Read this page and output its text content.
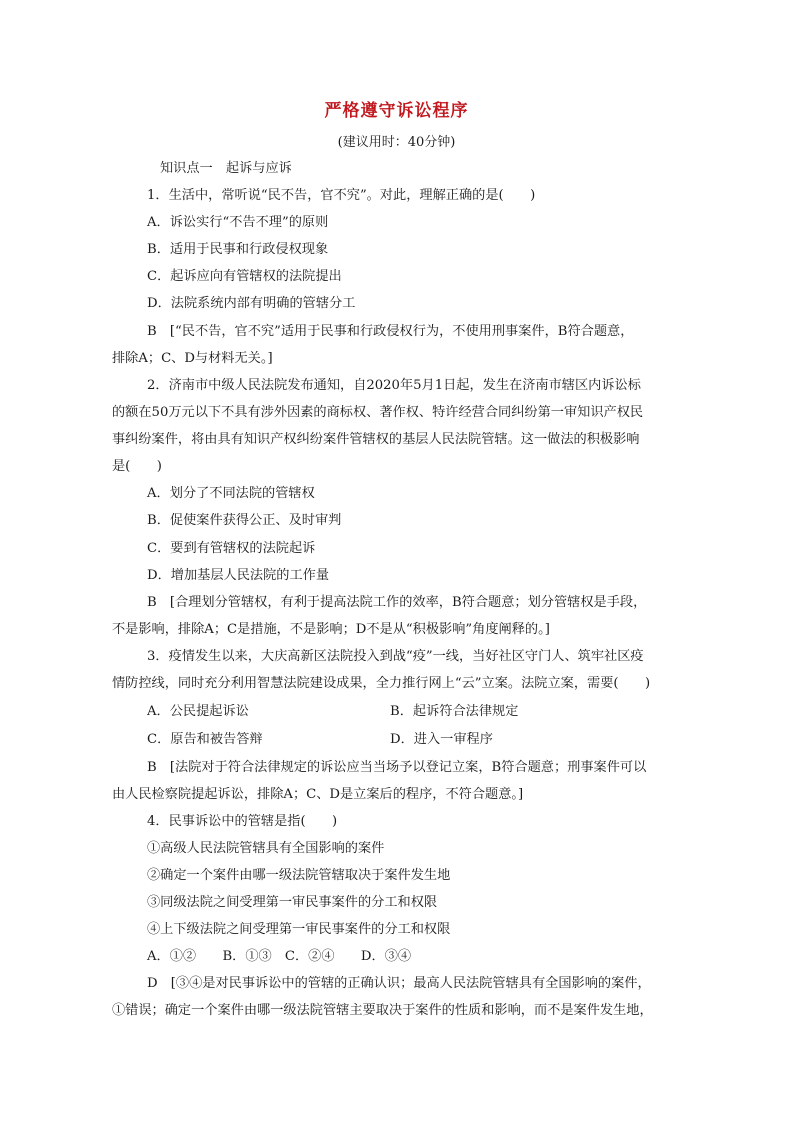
严格遵守诉讼程序
(建议用时：40分钟)
知识点一　起诉与应诉
1．生活中，常听说“民不告，官不究”。对此，理解正确的是(　　)
A．诉讼实行“不告不理”的原则
B．适用于民事和行政侵权现象
C．起诉应向有管辖权的法院提出
D．法院系统内部有明确的管辖分工
B　[“民不告，官不究”适用于民事和行政侵权行为，不使用刑事案件，B符合题意，
排除A；C、D与材料无关。]
2．济南市中级人民法院发布通知，自2020年5月1日起，发生在济南市辖区内诉讼标
的额在50万元以下不具有涉外因素的商标权、著作权、特许经营合同纠纷第一审知识产权民
事纠纷案件，将由具有知识产权纠纷案件管辖权的基层人民法院管辖。这一做法的积极影响
是(　　)
A．划分了不同法院的管辖权
B．促使案件获得公正、及时审判
C．要到有管辖权的法院起诉
D．增加基层人民法院的工作量
B　[合理划分管辖权，有利于提高法院工作的效率，B符合题意；划分管辖权是手段，
不是影响，排除A；C是措施，不是影响；D不是从“积极影响”角度阐释的。]
3．疫情发生以来，大庆高新区法院投入到战“疫”一线，当好社区守门人、筑牢社区疫
情防控线，同时充分利用智慧法院建设成果，全力推行网上“云”立案。法院立案，需要(　　)
A．公民提起诉讼	B．起诉符合法律规定
C．原告和被告答辩	D．进入一审程序
B　[法院对于符合法律规定的诉讼应当当场予以登记立案，B符合题意；刑事案件可以
由人民检察院提起诉讼，排除A；C、D是立案后的程序，不符合题意。]
4．民事诉讼中的管辖是指(　　)
①高级人民法院管辖具有全国影响的案件
②确定一个案件由哪一级法院管辖取决于案件发生地
③同级法院之间受理第一审民事案件的分工和权限
④上下级法院之间受理第一审民事案件的分工和权限
A．①②　　B．①③　C．②④　　D．③④
D　[③④是对民事诉讼中的管辖的正确认识；最高人民法院管辖具有全国影响的案件，
①错误；确定一个案件由哪一级法院管辖主要取决于案件的性质和影响，而不是案件发生地，
